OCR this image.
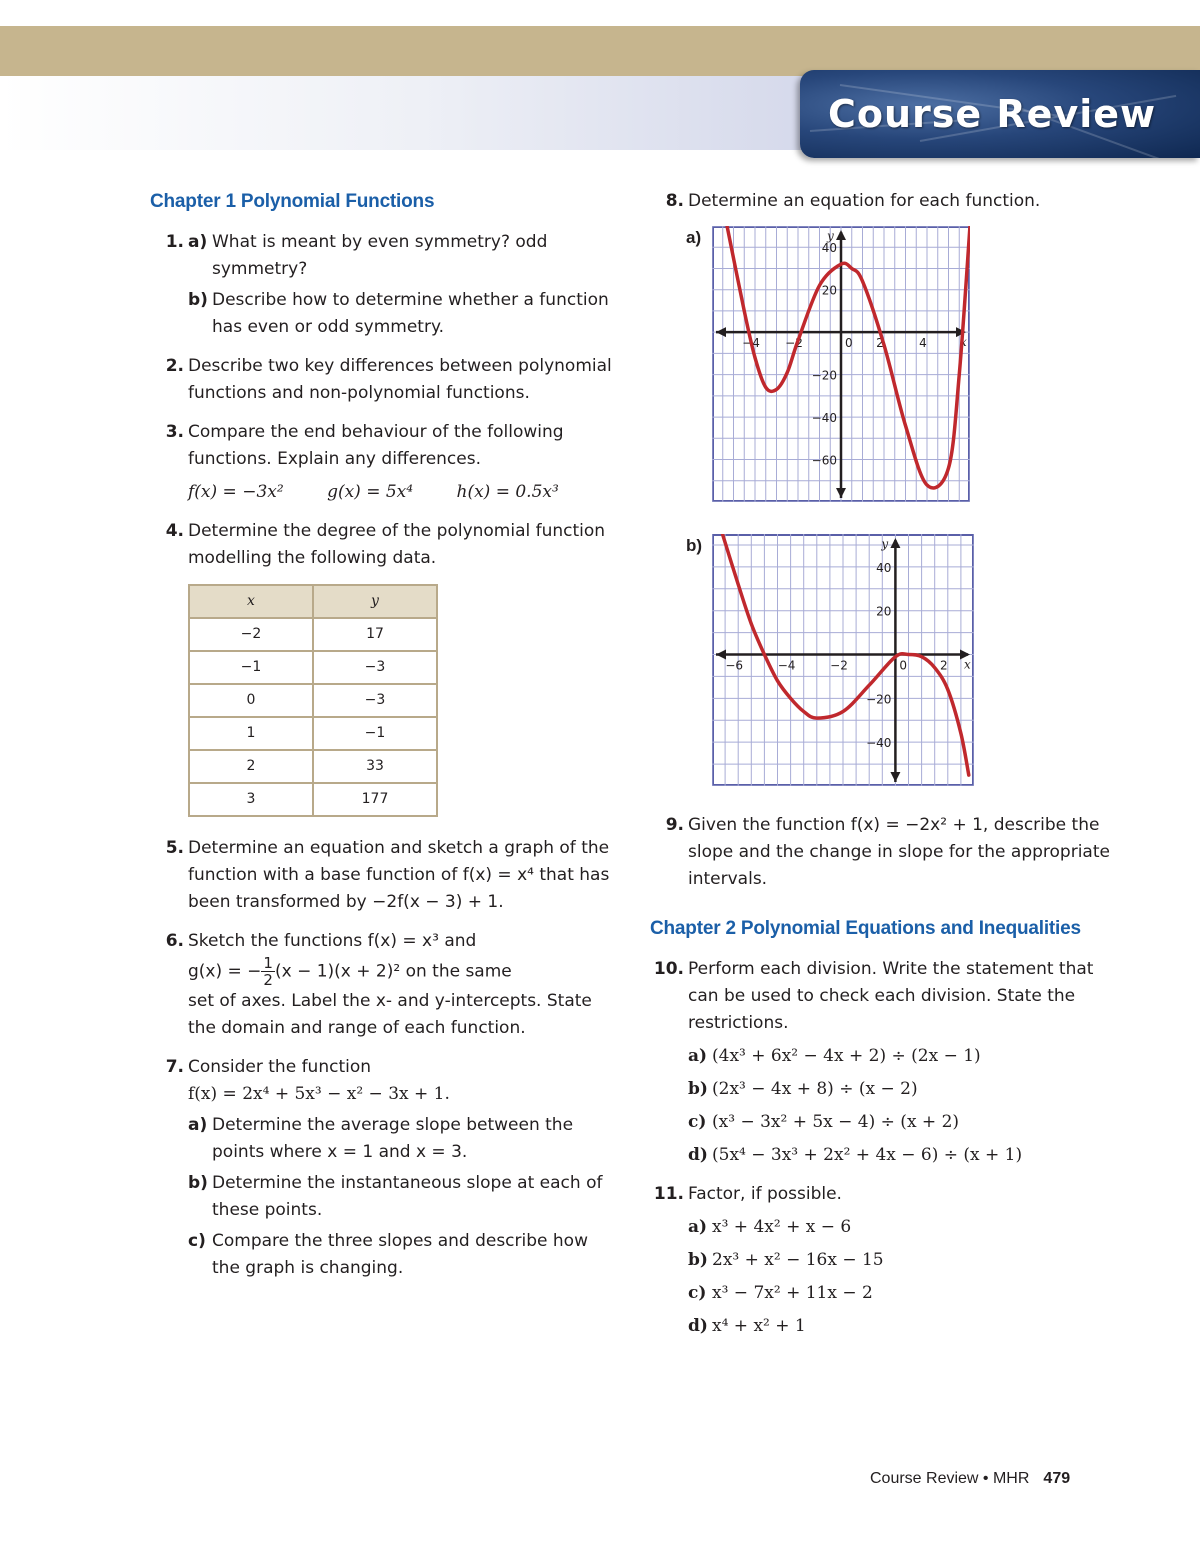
Course Review
Chapter 1 Polynomial Functions
1. a) What is meant by even symmetry? odd symmetry?
b) Describe how to determine whether a function has even or odd symmetry.
2. Describe two key differences between polynomial functions and non-polynomial functions.
3. Compare the end behaviour of the following functions. Explain any differences.
f(x) = −3x²	g(x) = 5x⁴	h(x) = 0.5x³
4. Determine the degree of the polynomial function modelling the following data.
x	y
−2	17
−1	−3
0	−3
1	−1
2	33
3	177
5. Determine an equation and sketch a graph of the function with a base function of f(x) = x⁴ that has been transformed by −2f(x − 3) + 1.
6. Sketch the functions f(x) = x³ and
g(x) = − $\frac{1}{2} (x - 1)(x + 2)^2$ on the same
set of axes. Label the x- and y-intercepts. State the domain and range of each function.
7. Consider the function
f(x) = 2x⁴ + 5x³ − x² − 3x + 1.
a) Determine the average slope between the points where x = 1 and x = 3.
b) Determine the instantaneous slope at each of these points.
c) Compare the three slopes and describe how the graph is changing.
8. Determine an equation for each function.
a)
−4 −2	0 2	4
40
20
−20
−40
−60
x
y
b)
−6	−4	−2	0	2
40
20
−20
−40
x
y
9. Given the function f(x) = −2x² + 1, describe the slope and the change in slope for the appropriate intervals.
Chapter 2 Polynomial Equations and Inequalities
10. Perform each division. Write the statement that can be used to check each division. State the restrictions.
a) (4x³ + 6x² − 4x + 2) ÷ (2x − 1)
b) (2x³ − 4x + 8) ÷ (x − 2)
c) (x³ − 3x² + 5x − 4) ÷ (x + 2)
d) (5x⁴ − 3x³ + 2x² + 4x − 6) ÷ (x + 1)
11. Factor, if possible.
a) x³ + 4x² + x − 6
b) 2x³ + x² − 16x − 15
c) x³ − 7x² + 11x − 2
d) x⁴ + x² + 1
Course Review • MHR 479
